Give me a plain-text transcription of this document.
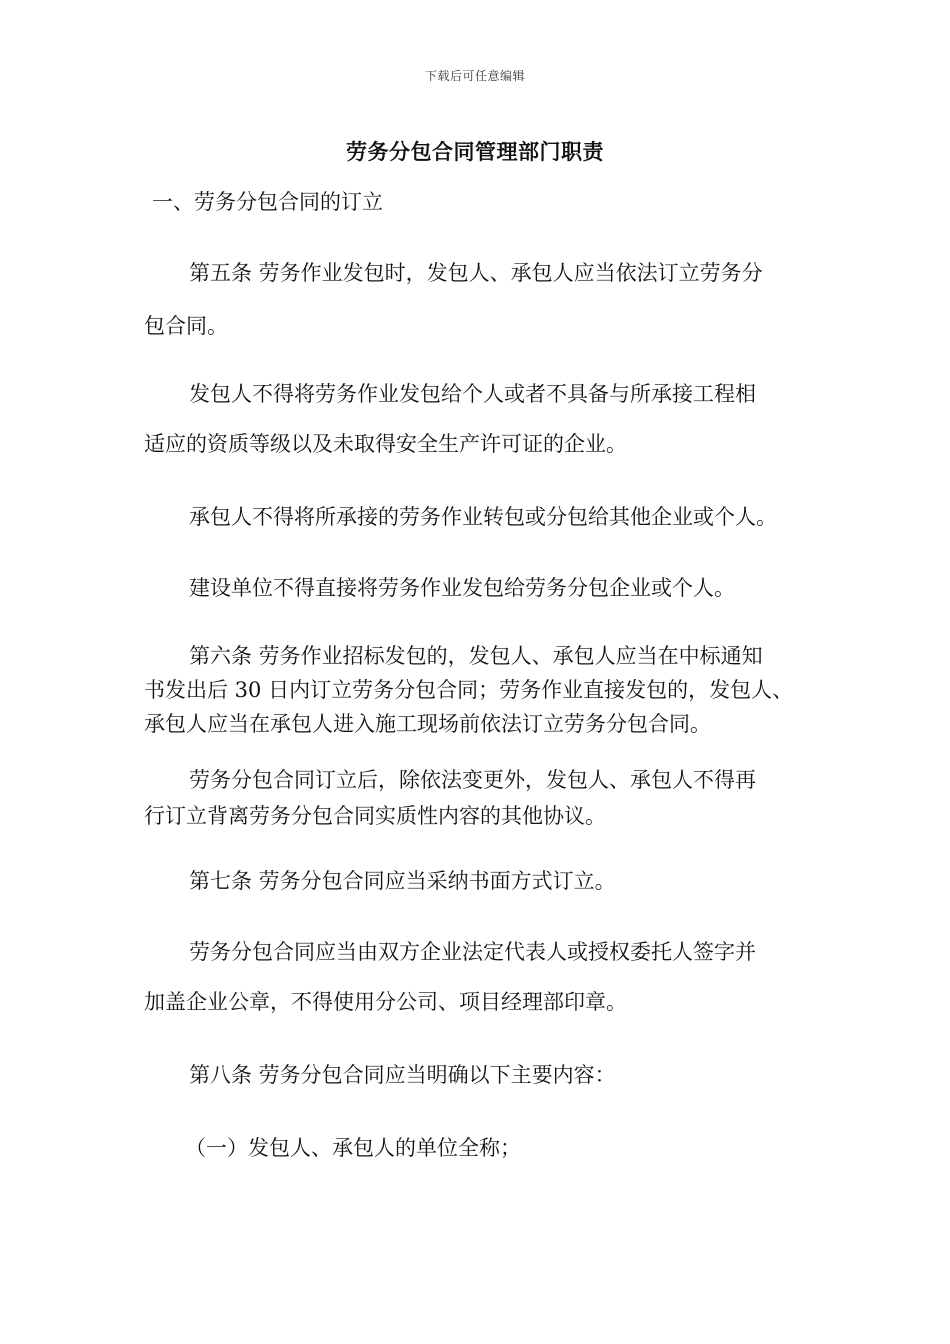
下载后可任意编辑
劳务分包合同管理部门职责
一、劳务分包合同的订立
第五条 劳务作业发包时，发包人、承包人应当依法订立劳务分
包合同。
发包人不得将劳务作业发包给个人或者不具备与所承接工程相
适应的资质等级以及未取得安全生产许可证的企业。
承包人不得将所承接的劳务作业转包或分包给其他企业或个人。
建设单位不得直接将劳务作业发包给劳务分包企业或个人。
第六条 劳务作业招标发包的，发包人、承包人应当在中标通知
书发出后 30 日内订立劳务分包合同；劳务作业直接发包的，发包人、
承包人应当在承包人进入施工现场前依法订立劳务分包合同。
劳务分包合同订立后，除依法变更外，发包人、承包人不得再
行订立背离劳务分包合同实质性内容的其他协议。
第七条 劳务分包合同应当采纳书面方式订立。
劳务分包合同应当由双方企业法定代表人或授权委托人签字并
加盖企业公章，不得使用分公司、项目经理部印章。
第八条 劳务分包合同应当明确以下主要内容：
（一）发包人、承包人的单位全称；
